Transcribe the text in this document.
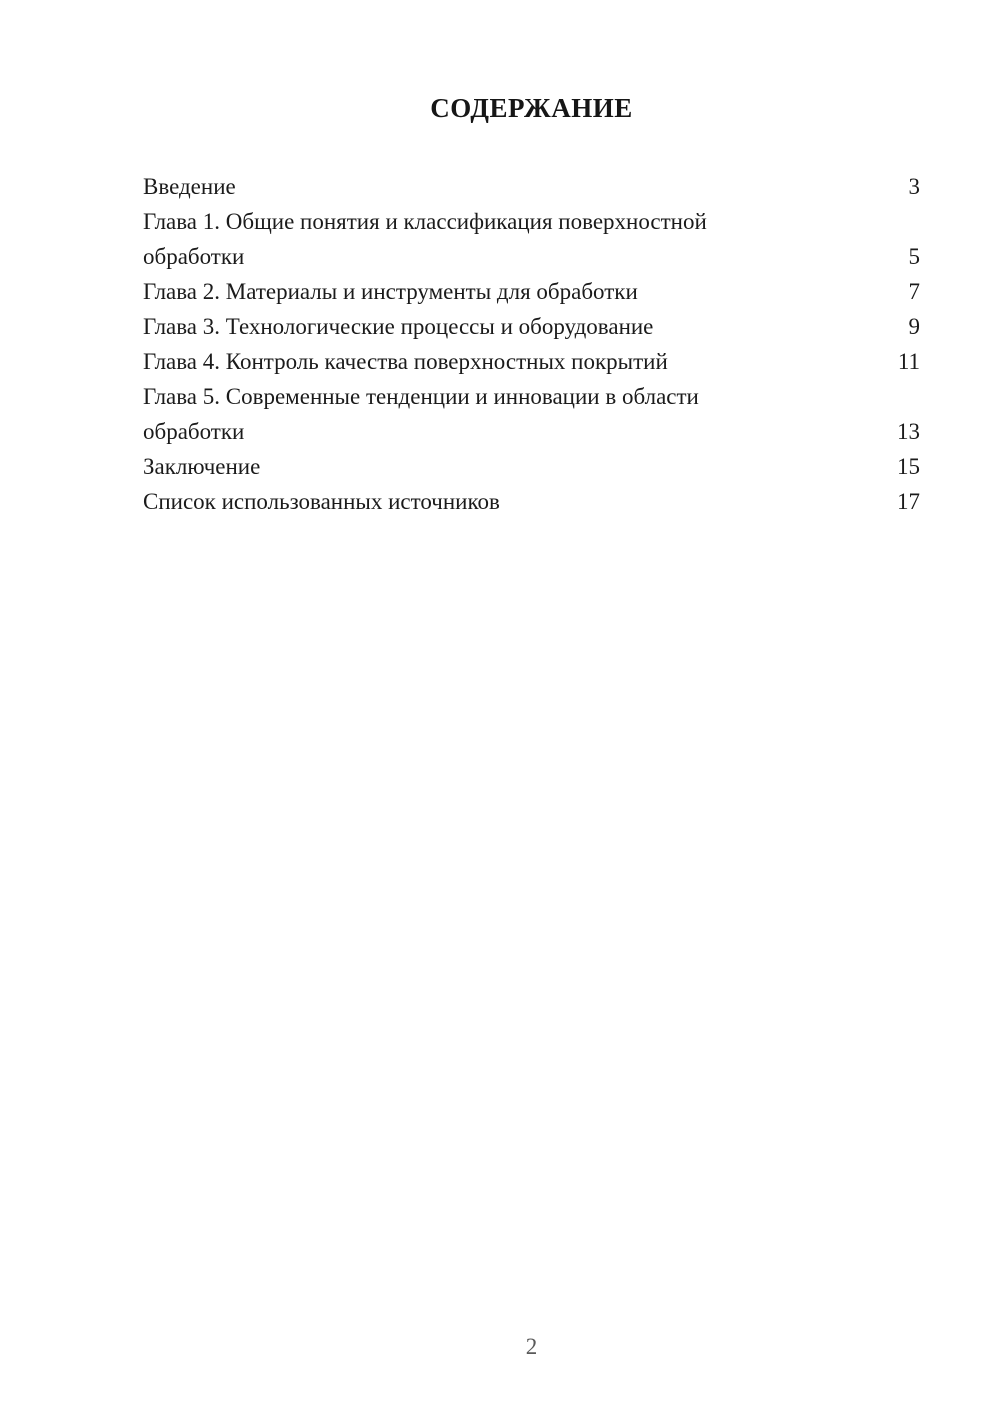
СОДЕРЖАНИЕ
Введение	3
Глава 1. Общие понятия и классификация поверхностной обработки	5
Глава 2. Материалы и инструменты для обработки	7
Глава 3. Технологические процессы и оборудование	9
Глава 4. Контроль качества поверхностных покрытий	11
Глава 5. Современные тенденции и инновации в области обработки	13
Заключение	15
Список использованных источников	17
2
